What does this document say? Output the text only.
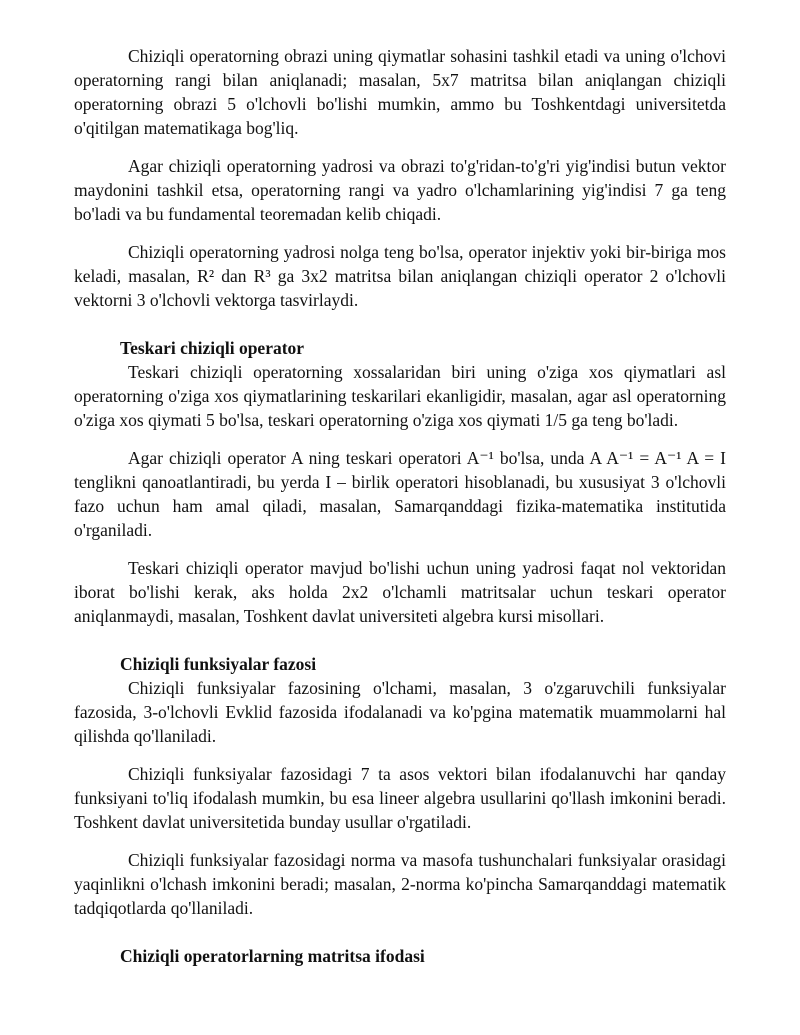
Chiziqli operatorning obrazi uning qiymatlar sohasini tashkil etadi va uning o'lchovi operatorning rangi bilan aniqlanadi; masalan, 5x7 matritsa bilan aniqlangan chiziqli operatorning obrazi 5 o'lchovli bo'lishi mumkin, ammo bu Toshkentdagi universitetda o'qitilgan matematikaga bog'liq.

Agar chiziqli operatorning yadrosi va obrazi to'g'ridan-to'g'ri yig'indisi butun vektor maydonini tashkil etsa, operatorning rangi va yadro o'lchamlarining yig'indisi 7 ga teng bo'ladi va bu fundamental teoremadan kelib chiqadi.

Chiziqli operatorning yadrosi nolga teng bo'lsa, operator injektiv yoki bir-biriga mos keladi, masalan, R² dan R³ ga 3x2 matritsa bilan aniqlangan chiziqli operator 2 o'lchovli vektorni 3 o'lchovli vektorga tasvirlaydi.

Teskari chiziqli operator

Teskari chiziqli operatorning xossalaridan biri uning o'ziga xos qiymatlari asl operatorning o'ziga xos qiymatlarining teskarilari ekanligidir, masalan, agar asl operatorning o'ziga xos qiymati 5 bo'lsa, teskari operatorning o'ziga xos qiymati 1/5 ga teng bo'ladi.

Agar chiziqli operator A ning teskari operatori A⁻¹ bo'lsa, unda A A⁻¹ = A⁻¹ A = I tenglikni qanoatlantiradi, bu yerda I – birlik operatori hisoblanadi, bu xususiyat 3 o'lchovli fazo uchun ham amal qiladi, masalan, Samarqanddagi fizika-matematika institutida o'rganiladi.

Teskari chiziqli operator mavjud bo'lishi uchun uning yadrosi faqat nol vektoridan iborat bo'lishi kerak, aks holda 2x2 o'lchamli matritsalar uchun teskari operator aniqlanmaydi, masalan, Toshkent davlat universiteti algebra kursi misollari.

Chiziqli funksiyalar fazosi

Chiziqli funksiyalar fazosining o'lchami, masalan, 3 o'zgaruvchili funksiyalar fazosida, 3-o'lchovli Evklid fazosida ifodalanadi va ko'pgina matematik muammolarni hal qilishda qo'llaniladi.

Chiziqli funksiyalar fazosidagi 7 ta asos vektori bilan ifodalanuvchi har qanday funksiyani to'liq ifodalash mumkin, bu esa lineer algebra usullarini qo'llash imkonini beradi. Toshkent davlat universitetida bunday usullar o'rgatiladi.

Chiziqli funksiyalar fazosidagi norma va masofa tushunchalari funksiyalar orasidagi yaqinlikni o'lchash imkonini beradi; masalan, 2-norma ko'pincha Samarqanddagi matematik tadqiqotlarda qo'llaniladi.

Chiziqli operatorlarning matritsa ifodasi
